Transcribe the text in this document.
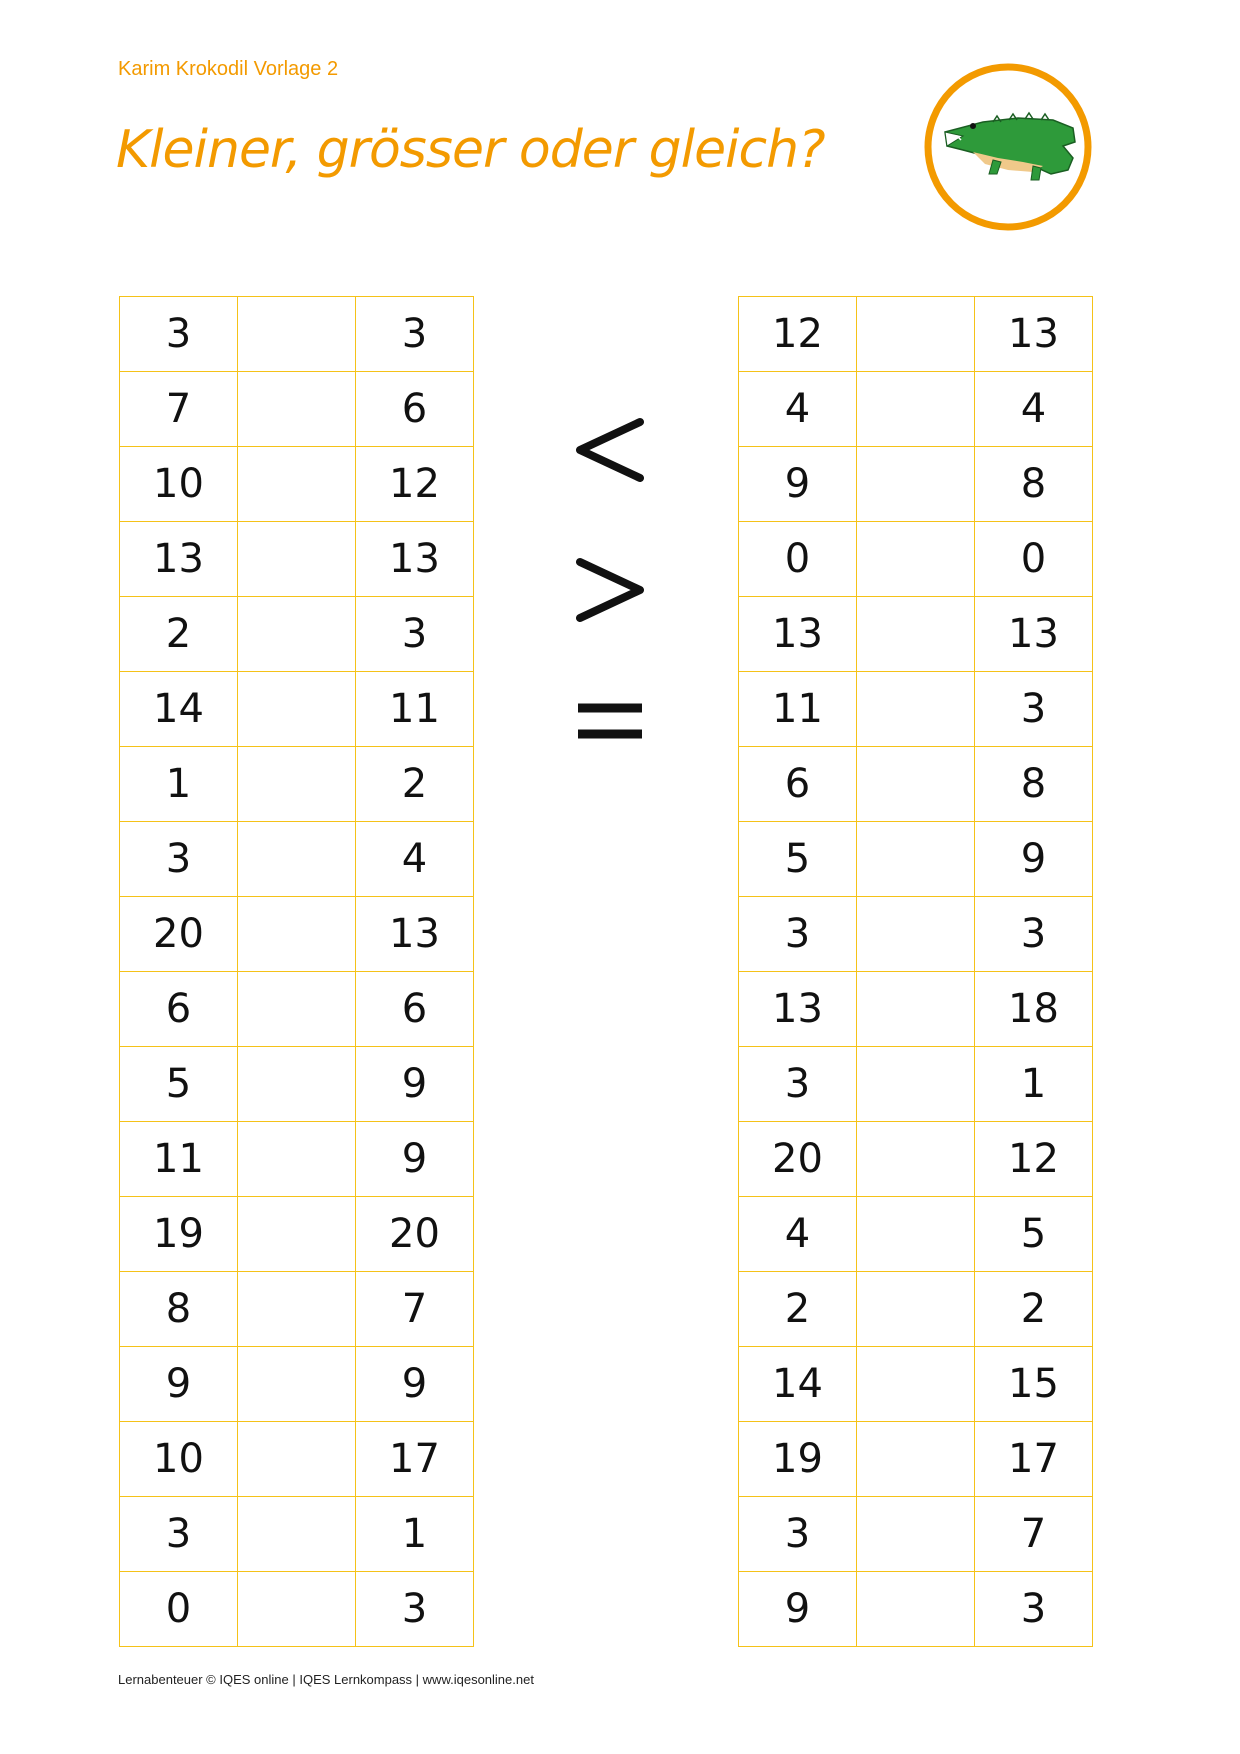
Karim Krokodil Vorlage 2
Kleiner, grösser oder gleich?
3		3
7		6
10		12
13		13
2		3
14		11
1		2
3		4
20		13
6		6
5		9
11		9
19		20
8		7
9		9
10		17
3		1
0		3
12		13
4		4
9		8
0		0
13		13
11		3
6		8
5		9
3		3
13		18
3		1
20		12
4		5
2		2
14		15
19		17
3		7
9		3
Lernabenteuer © IQES online | IQES Lernkompass | www.iqesonline.net
